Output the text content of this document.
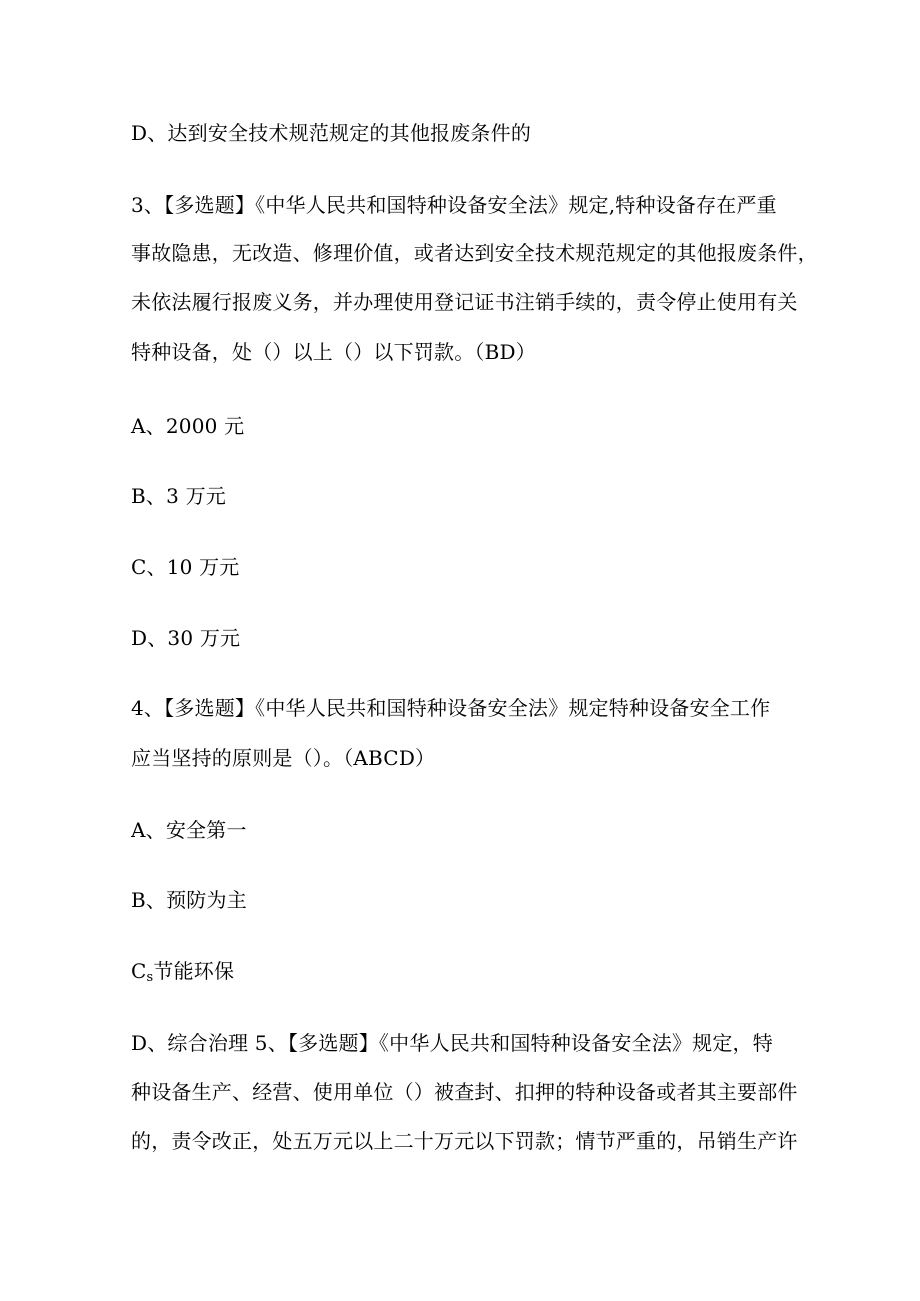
D、达到安全技术规范规定的其他报废条件的
3、【多选题】《中华人民共和国特种设备安全法》规定,特种设备存在严重
事故隐患，无改造、修理价值，或者达到安全技术规范规定的其他报废条件，
未依法履行报废义务，并办理使用登记证书注销手续的，责令停止使用有关
特种设备，处（）以上（）以下罚款。（BD）
A、2000 元
B、3 万元
C、10 万元
D、30 万元
4、【多选题】《中华人民共和国特种设备安全法》规定特种设备安全工作
应当坚持的原则是（）。（ABCD）
A、安全第一
B、预防为主
$C_s$节能环保
D、综合治理 5、【多选题】《中华人民共和国特种设备安全法》规定，特
种设备生产、经营、使用单位（）被查封、扣押的特种设备或者其主要部件
的，责令改正，处五万元以上二十万元以下罚款；情节严重的，吊销生产许
